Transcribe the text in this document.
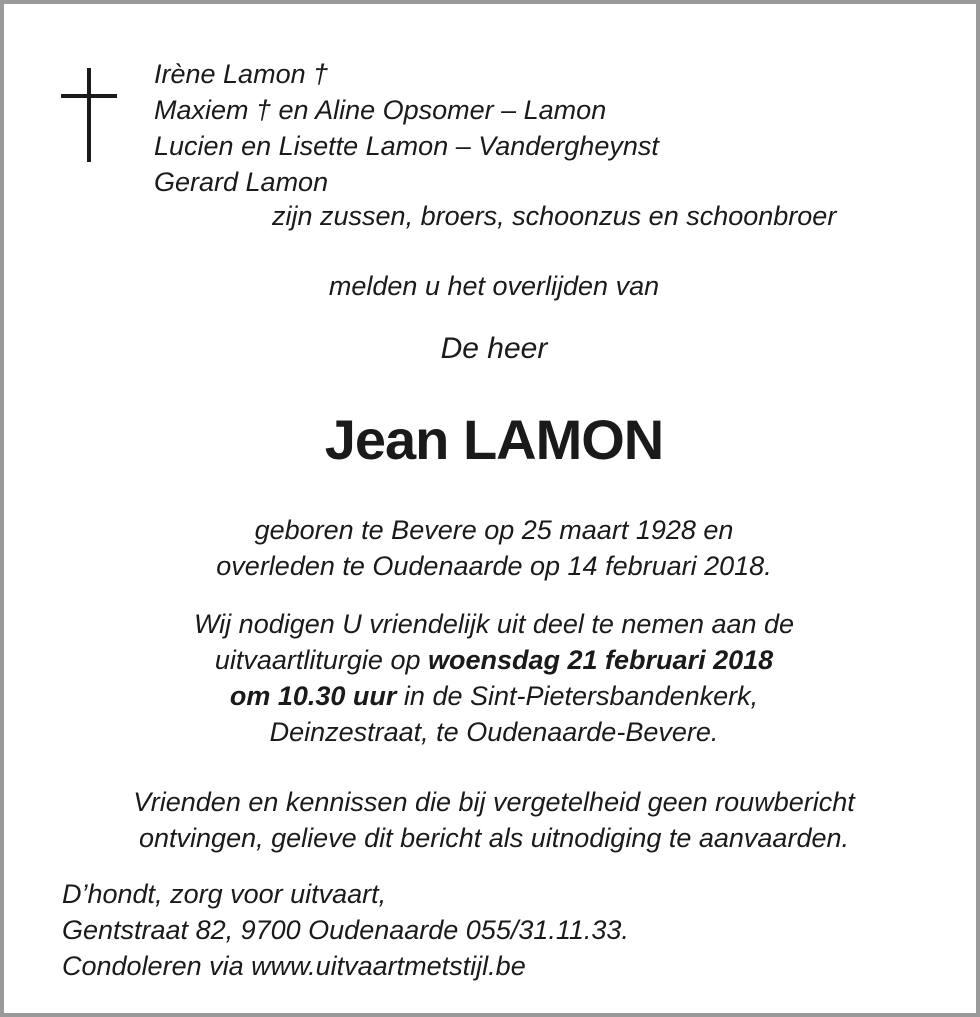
Irène Lamon †
Maxiem † en Aline Opsomer – Lamon
Lucien en Lisette Lamon – Vandergheynst
Gerard Lamon
zijn zussen, broers, schoonzus en schoonbroer
melden u het overlijden van
De heer
Jean LAMON
geboren te Bevere op 25 maart 1928 en
overleden te Oudenaarde op 14 februari 2018.
Wij nodigen U vriendelijk uit deel te nemen aan de
uitvaartliturgie op woensdag 21 februari 2018
om 10.30 uur in de Sint-Pietersbandenkerk,
Deinzestraat, te Oudenaarde-Bevere.
Vrienden en kennissen die bij vergetelheid geen rouwbericht
ontvingen, gelieve dit bericht als uitnodiging te aanvaarden.
D’hondt, zorg voor uitvaart,
Gentstraat 82, 9700 Oudenaarde 055/31.11.33.
Condoleren via www.uitvaartmetstijl.be
